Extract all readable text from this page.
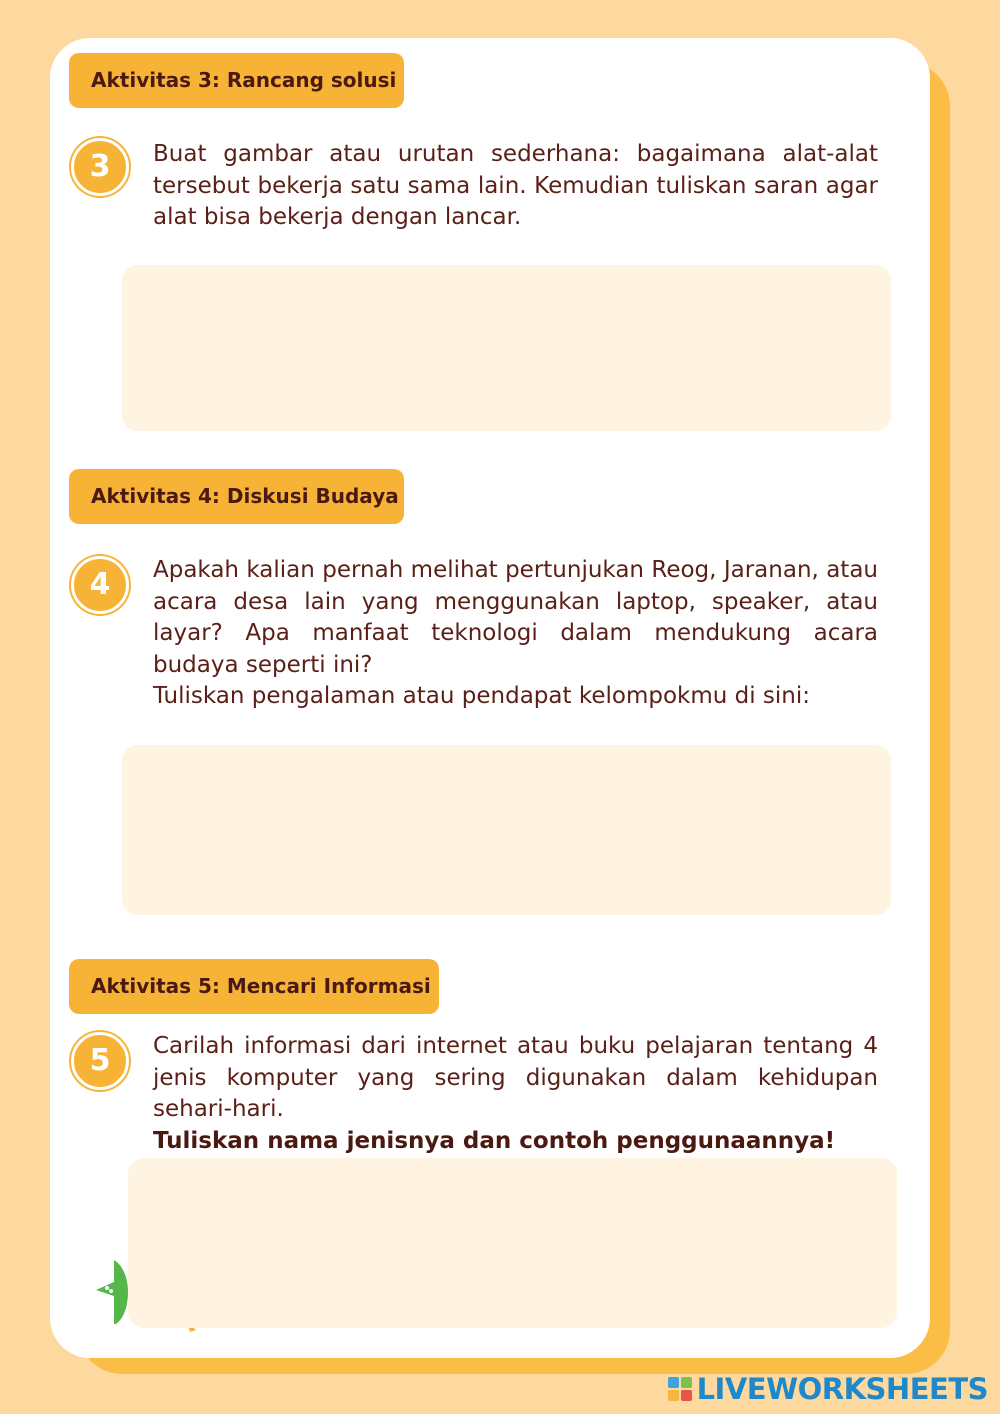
Aktivitas 3: Rancang solusi
3	Buat gambar atau urutan sederhana: bagaimana alat-alat tersebut bekerja satu sama lain. Kemudian tuliskan saran agar alat bisa bekerja dengan lancar.

Aktivitas 4: Diskusi Budaya
4	Apakah kalian pernah melihat pertunjukan Reog, Jaranan, atau acara desa lain yang menggunakan laptop, speaker, atau layar? Apa manfaat teknologi dalam mendukung acara budaya seperti ini?

Tuliskan pengalaman atau pendapat kelompokmu di sini:

Aktivitas 5: Mencari Informasi
5	Carilah informasi dari internet atau buku pelajaran tentang 4 jenis komputer yang sering digunakan dalam kehidupan sehari-hari.

Tuliskan nama jenisnya dan contoh penggunaannya!

LIVEWORKSHEETS
